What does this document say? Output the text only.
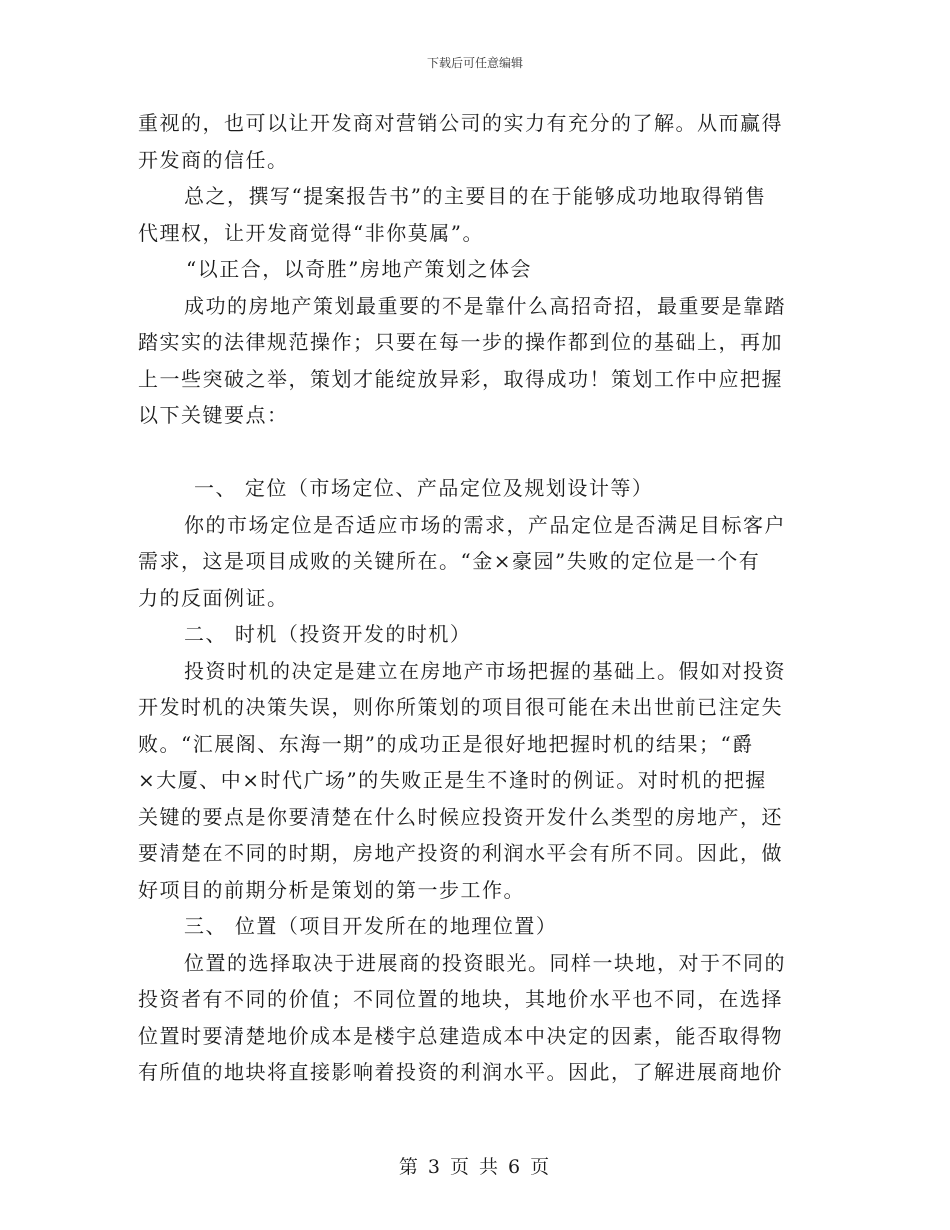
下载后可任意编辑
重视的，也可以让开发商对营销公司的实力有充分的了解。从而赢得
开发商的信任。
总之，撰写“提案报告书”的主要目的在于能够成功地取得销售
代理权，让开发商觉得“非你莫属”。
“以正合，以奇胜”房地产策划之体会
成功的房地产策划最重要的不是靠什么高招奇招，最重要是靠踏
踏实实的法律规范操作；只要在每一步的操作都到位的基础上，再加
上一些突破之举，策划才能绽放异彩，取得成功！策划工作中应把握
以下关键要点：
一、 定位（市场定位、产品定位及规划设计等）
你的市场定位是否适应市场的需求，产品定位是否满足目标客户
需求，这是项目成败的关键所在。“金×豪园”失败的定位是一个有
力的反面例证。
二、 时机（投资开发的时机）
投资时机的决定是建立在房地产市场把握的基础上。假如对投资
开发时机的决策失误，则你所策划的项目很可能在未出世前已注定失
败。“汇展阁、东海一期”的成功正是很好地把握时机的结果；“爵
×大厦、中×时代广场”的失败正是生不逢时的例证。对时机的把握
关键的要点是你要清楚在什么时候应投资开发什么类型的房地产，还
要清楚在不同的时期，房地产投资的利润水平会有所不同。因此，做
好项目的前期分析是策划的第一步工作。
三、 位置（项目开发所在的地理位置）
位置的选择取决于进展商的投资眼光。同样一块地，对于不同的
投资者有不同的价值；不同位置的地块，其地价水平也不同，在选择
位置时要清楚地价成本是楼宇总建造成本中决定的因素，能否取得物
有所值的地块将直接影响着投资的利润水平。因此，了解进展商地价
第 3 页 共 6 页
